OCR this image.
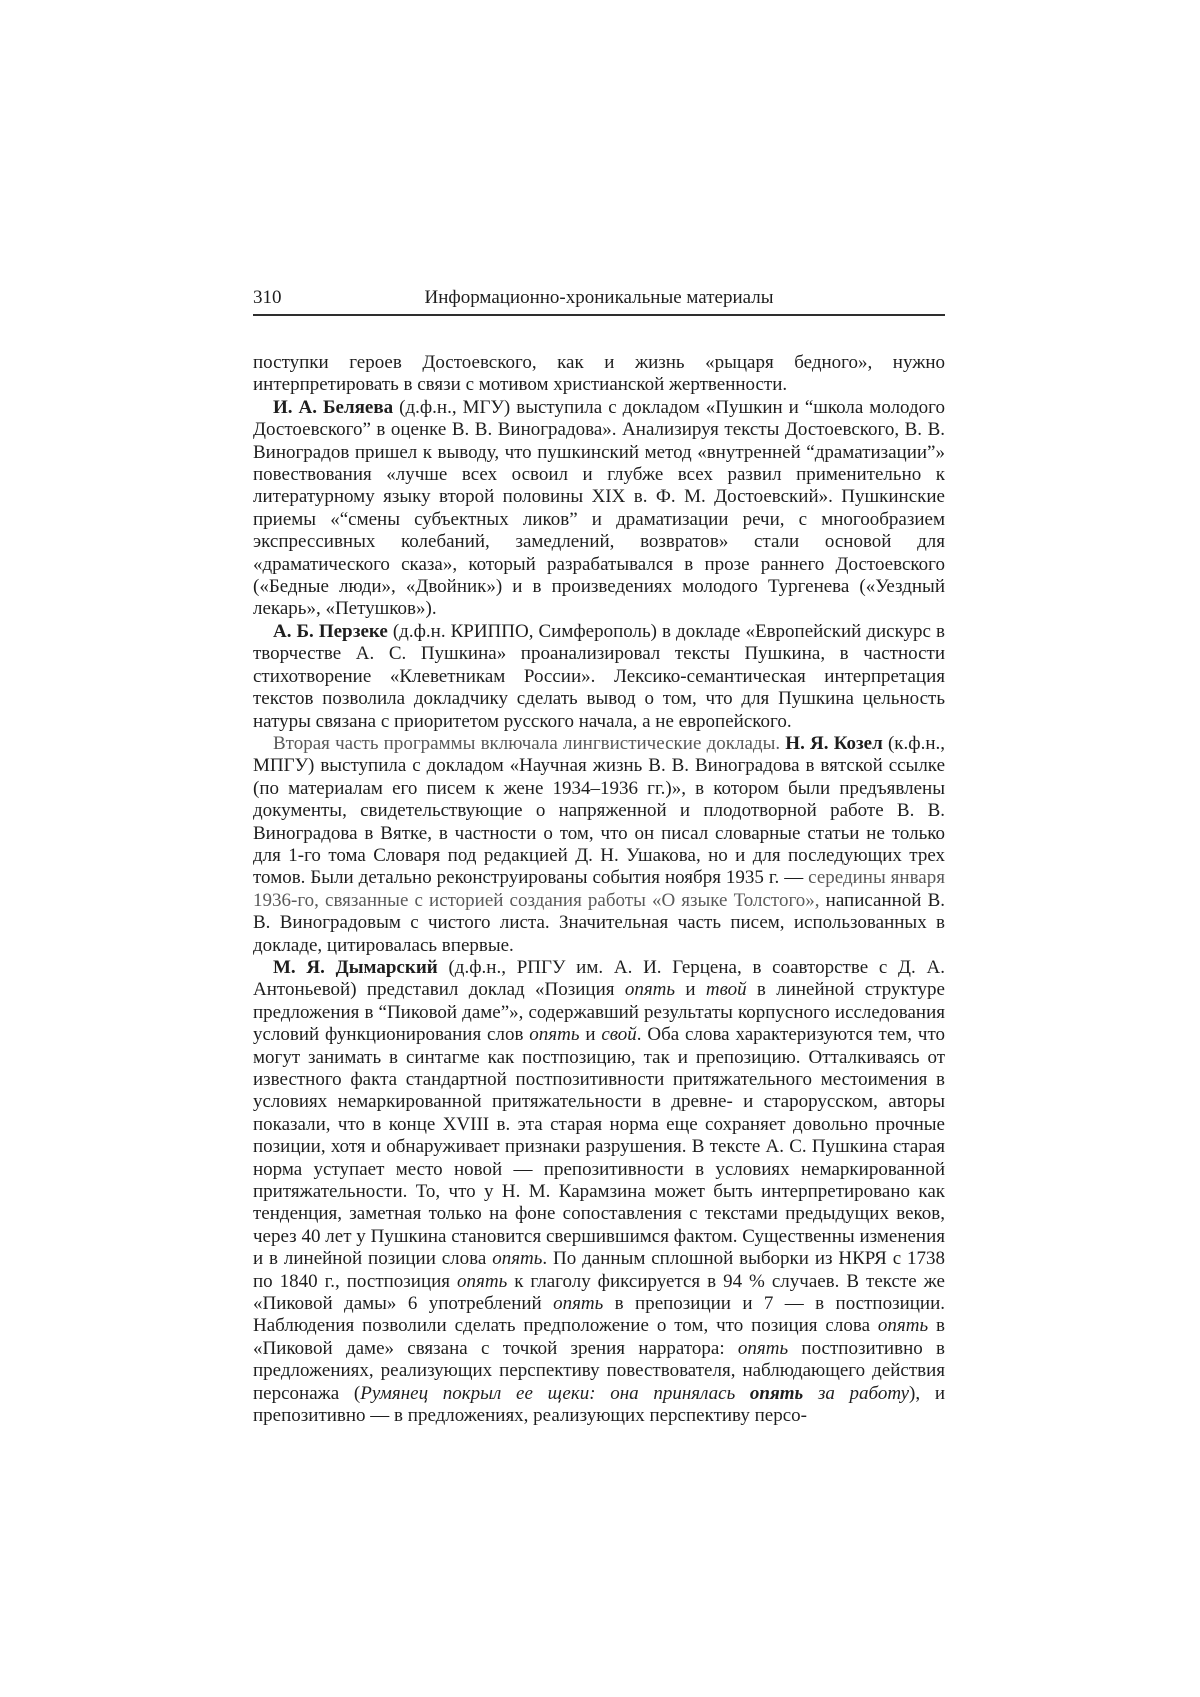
310	Информационно-хроникальные материалы

поступки героев Достоевского, как и жизнь «рыцаря бедного», нужно интерпретировать в связи с мотивом христианской жертвенности.

И. А. Беляева (д.ф.н., МГУ) выступила с докладом «Пушкин и “школа молодого Достоевского” в оценке В. В. Виноградова». Анализируя тексты Достоевского, В. В. Виноградов пришел к выводу, что пушкинский метод «внутренней “драматизации”» повествования «лучше всех освоил и глубже всех развил применительно к литературному языку второй половины XIX в. Ф. М. Достоевский». Пушкинские приемы «“смены субъектных ликов” и драматизации речи, с многообразием экспрессивных колебаний, замедлений, возвратов» стали основой для «драматического сказа», который разрабатывался в прозе раннего Достоевского («Бедные люди», «Двойник») и в произведениях молодого Тургенева («Уездный лекарь», «Петушков»).

А. Б. Перзеке (д.ф.н. КРИППО, Симферополь) в докладе «Европейский дискурс в творчестве А. С. Пушкина» проанализировал тексты Пушкина, в частности стихотворение «Клеветникам России». Лексико-семантическая интерпретация текстов позволила докладчику сделать вывод о том, что для Пушкина цельность натуры связана с приоритетом русского начала, а не европейского.

Вторая часть программы включала лингвистические доклады. Н. Я. Козел (к.ф.н., МПГУ) выступила с докладом «Научная жизнь В. В. Виноградова в вятской ссылке (по материалам его писем к жене 1934–1936 гг.)», в котором были предъявлены документы, свидетельствующие о напряженной и плодотворной работе В. В. Виноградова в Вятке, в частности о том, что он писал словарные статьи не только для 1-го тома Словаря под редакцией Д. Н. Ушакова, но и для последующих трех томов. Были детально реконструированы события ноября 1935 г. — середины января 1936-го, связанные с историей создания работы «О языке Толстого», написанной В. В. Виноградовым с чистого листа. Значительная часть писем, использованных в докладе, цитировалась впервые.

М. Я. Дымарский (д.ф.н., РПГУ им. А. И. Герцена, в соавторстве с Д. А. Антоньевой) представил доклад «Позиция опять и твой в линейной структуре предложения в “Пиковой даме”», содержавший результаты корпусного исследования условий функционирования слов опять и свой. Оба слова характеризуются тем, что могут занимать в синтагме как постпозицию, так и препозицию. Отталкиваясь от известного факта стандартной постпозитивности притяжательного местоимения в условиях немаркированной притяжательности в древне- и старорусском, авторы показали, что в конце XVIII в. эта старая норма еще сохраняет довольно прочные позиции, хотя и обнаруживает признаки разрушения. В тексте А. С. Пушкина старая норма уступает место новой — препозитивности в условиях немаркированной притяжательности. То, что у Н. М. Карамзина может быть интерпретировано как тенденция, заметная только на фоне сопоставления с текстами предыдущих веков, через 40 лет у Пушкина становится свершившимся фактом. Существенны изменения и в линейной позиции слова опять. По данным сплошной выборки из НКРЯ с 1738 по 1840 г., постпозиция опять к глаголу фиксируется в 94 % случаев. В тексте же «Пиковой дамы» 6 употреблений опять в препозиции и 7 — в постпозиции. Наблюдения позволили сделать предположение о том, что позиция слова опять в «Пиковой даме» связана с точкой зрения нарратора: опять постпозитивно в предложениях, реализующих перспективу повествователя, наблюдающего действия персонажа (Румянец покрыл ее щеки: она принялась опять за работу), и препозитивно — в предложениях, реализующих перспективу персо-
